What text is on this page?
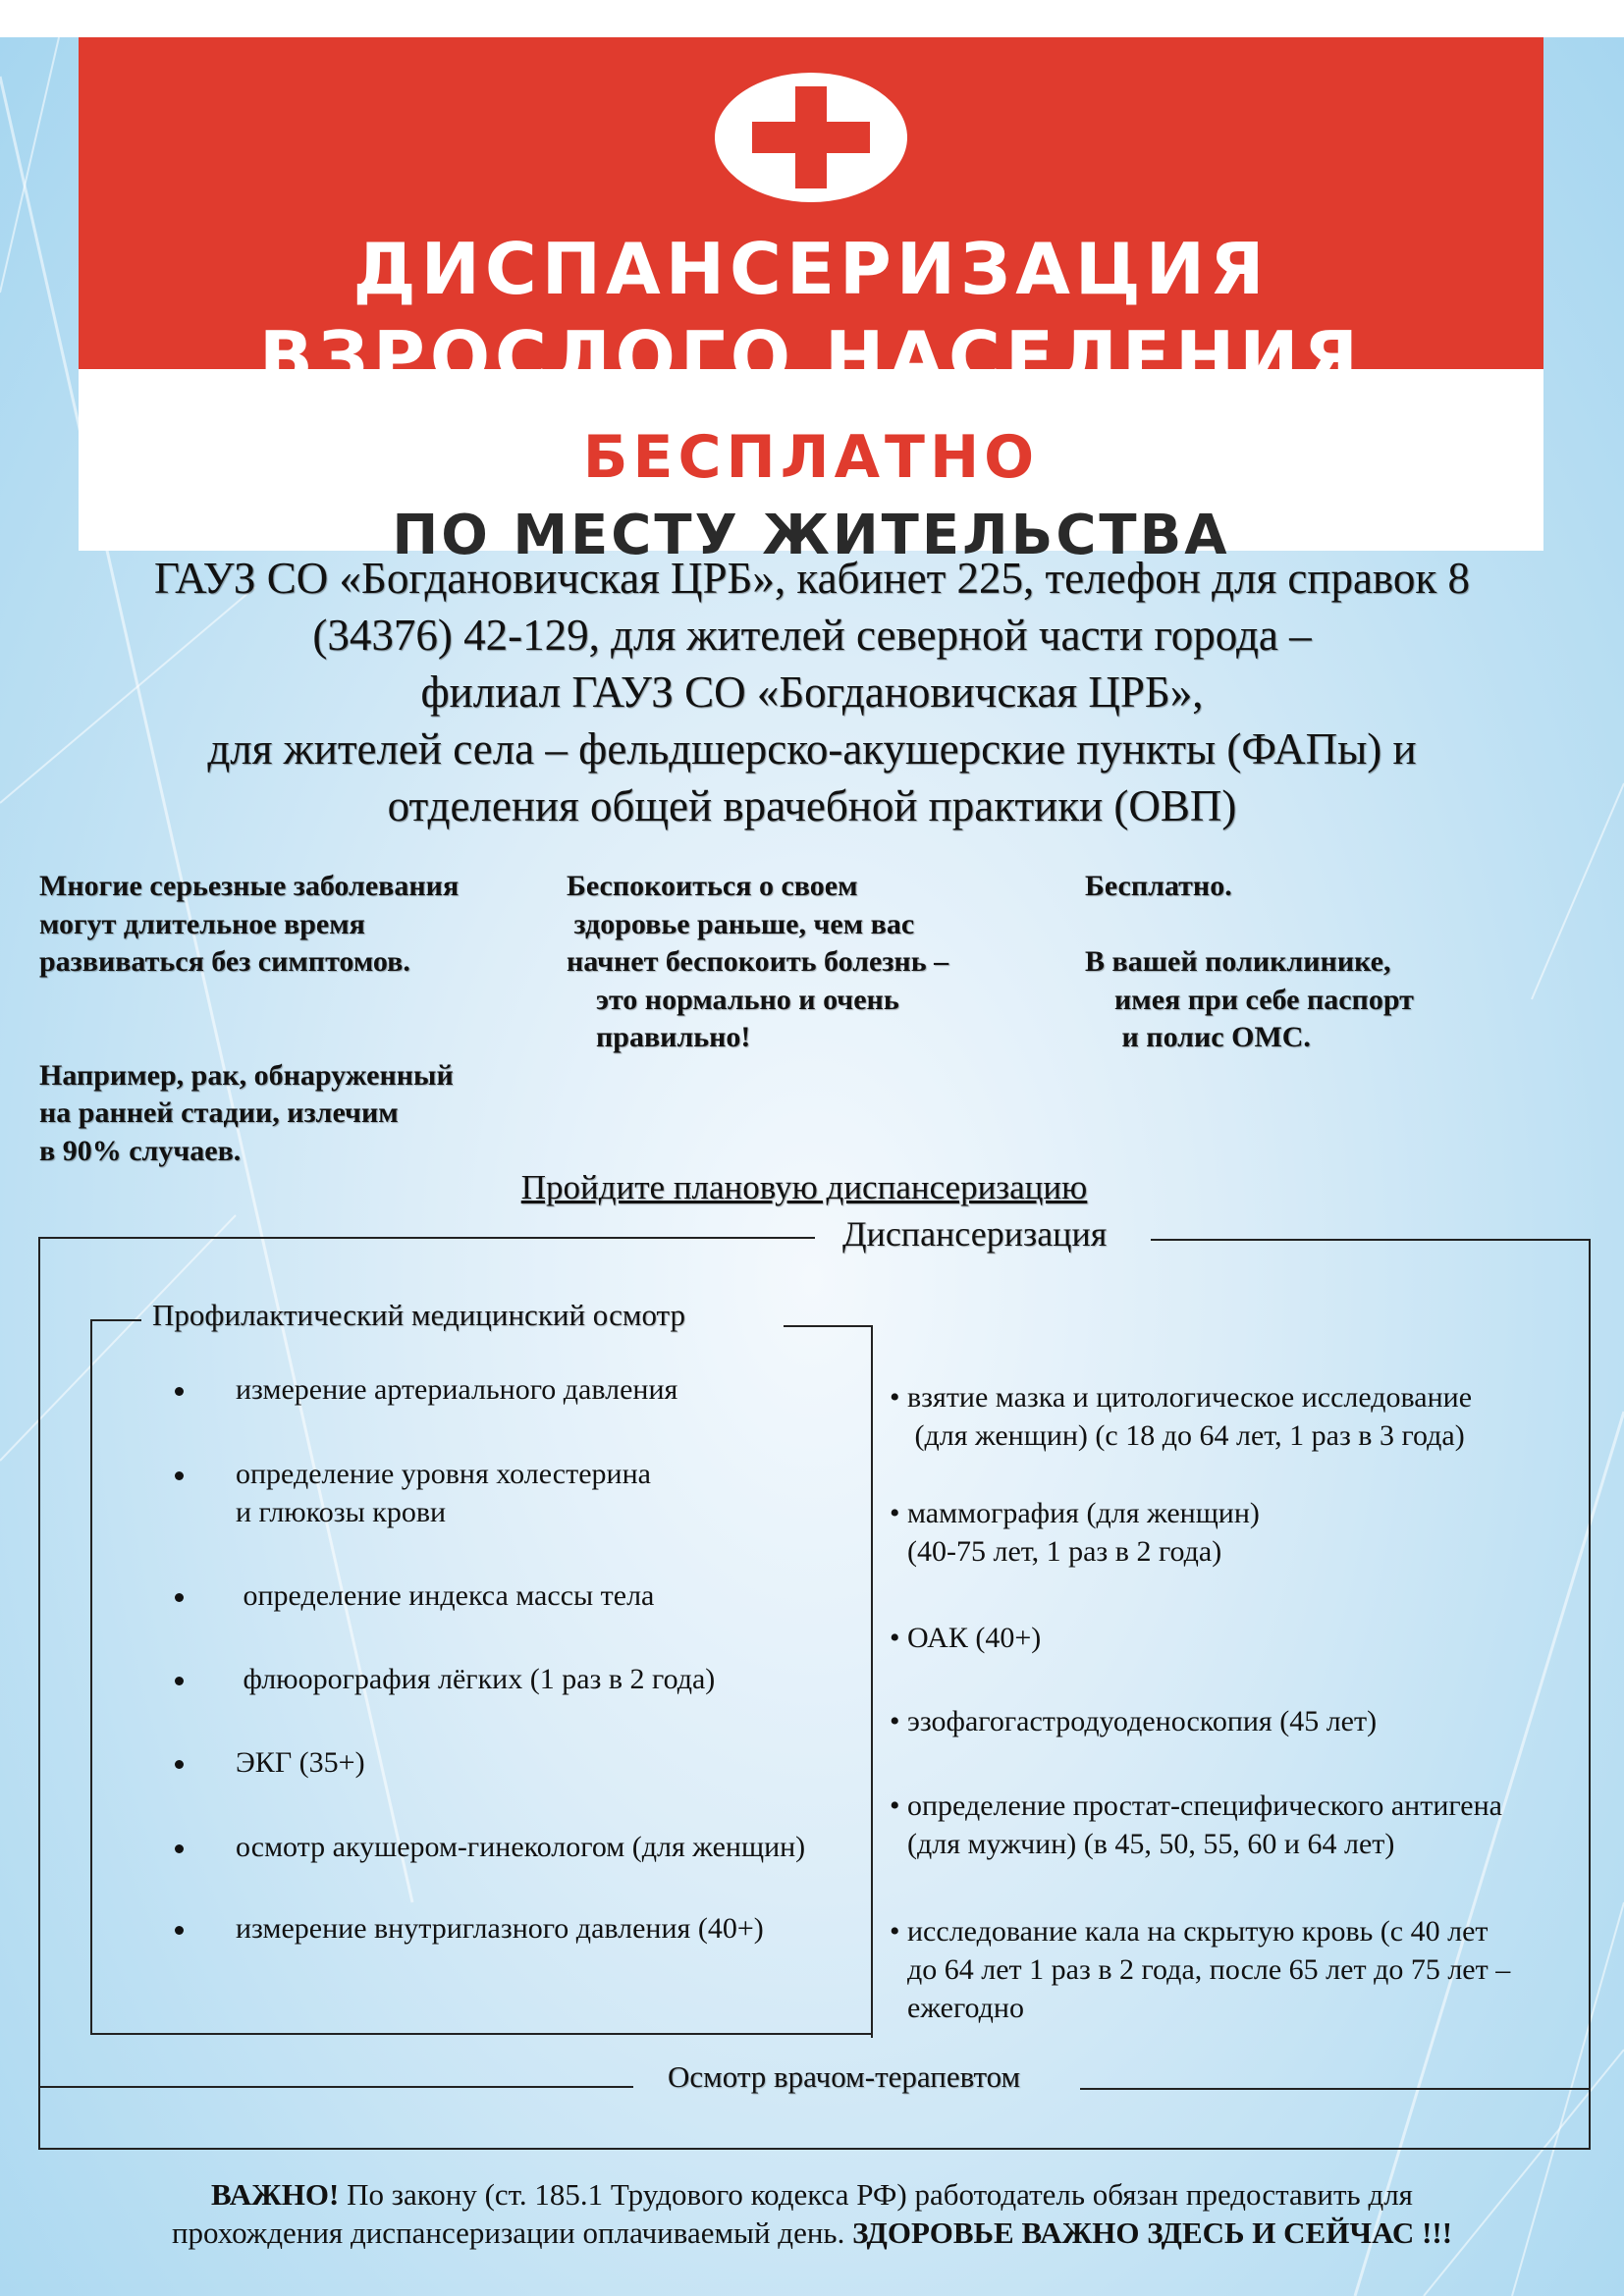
ДИСПАНСЕРИЗАЦИЯ
ВЗРОСЛОГО НАСЕЛЕНИЯ
БЕСПЛАТНО
ПО МЕСТУ ЖИТЕЛЬСТВА
ГАУЗ СО «Богдановичская ЦРБ», кабинет 225, телефон для справок 8
(34376) 42-129, для жителей северной части города –
филиал ГАУЗ СО «Богдановичская ЦРБ»,
для жителей села – фельдшерско-акушерские пункты (ФАПы) и
отделения общей врачебной практики (ОВП)
Многие серьезные заболевания
могут длительное время
развиваться без симптомов.
Например, рак, обнаруженный
на ранней стадии, излечим
в 90% случаев.
Беспокоиться о своем
здоровье раньше, чем вас
начнет беспокоить болезнь –
это нормально и очень
правильно!
Бесплатно.
В вашей поликлинике,
имея при себе паспорт
и полис ОМС.
Пройдите плановую диспансеризацию
Диспансеризация
Профилактический медицинский осмотр
измерение артериального давления
определение уровня холестерина
и глюкозы крови
определение индекса массы тела
флюорография лёгких (1 раз в 2 года)
ЭКГ (35+)
осмотр акушером-гинекологом (для женщин)
измерение внутриглазного давления (40+)
• взятие мазка и цитологическое исследование
(для женщин) (с 18 до 64 лет, 1 раз в 3 года)
• маммография (для женщин)
(40-75 лет, 1 раз в 2 года)
• ОАК (40+)
• эзофагогастродуоденоскопия (45 лет)
• определение простат-специфического антигена
(для мужчин) (в 45, 50, 55, 60 и 64 лет)
• исследование кала на скрытую кровь (с 40 лет
до 64 лет 1 раз в 2 года, после 65 лет до 75 лет –
ежегодно
Осмотр врачом-терапевтом
ВАЖНО! По закону (ст. 185.1 Трудового кодекса РФ) работодатель обязан предоставить для
прохождения диспансеризации оплачиваемый день. ЗДОРОВЬЕ ВАЖНО ЗДЕСЬ И СЕЙЧАС !!!
